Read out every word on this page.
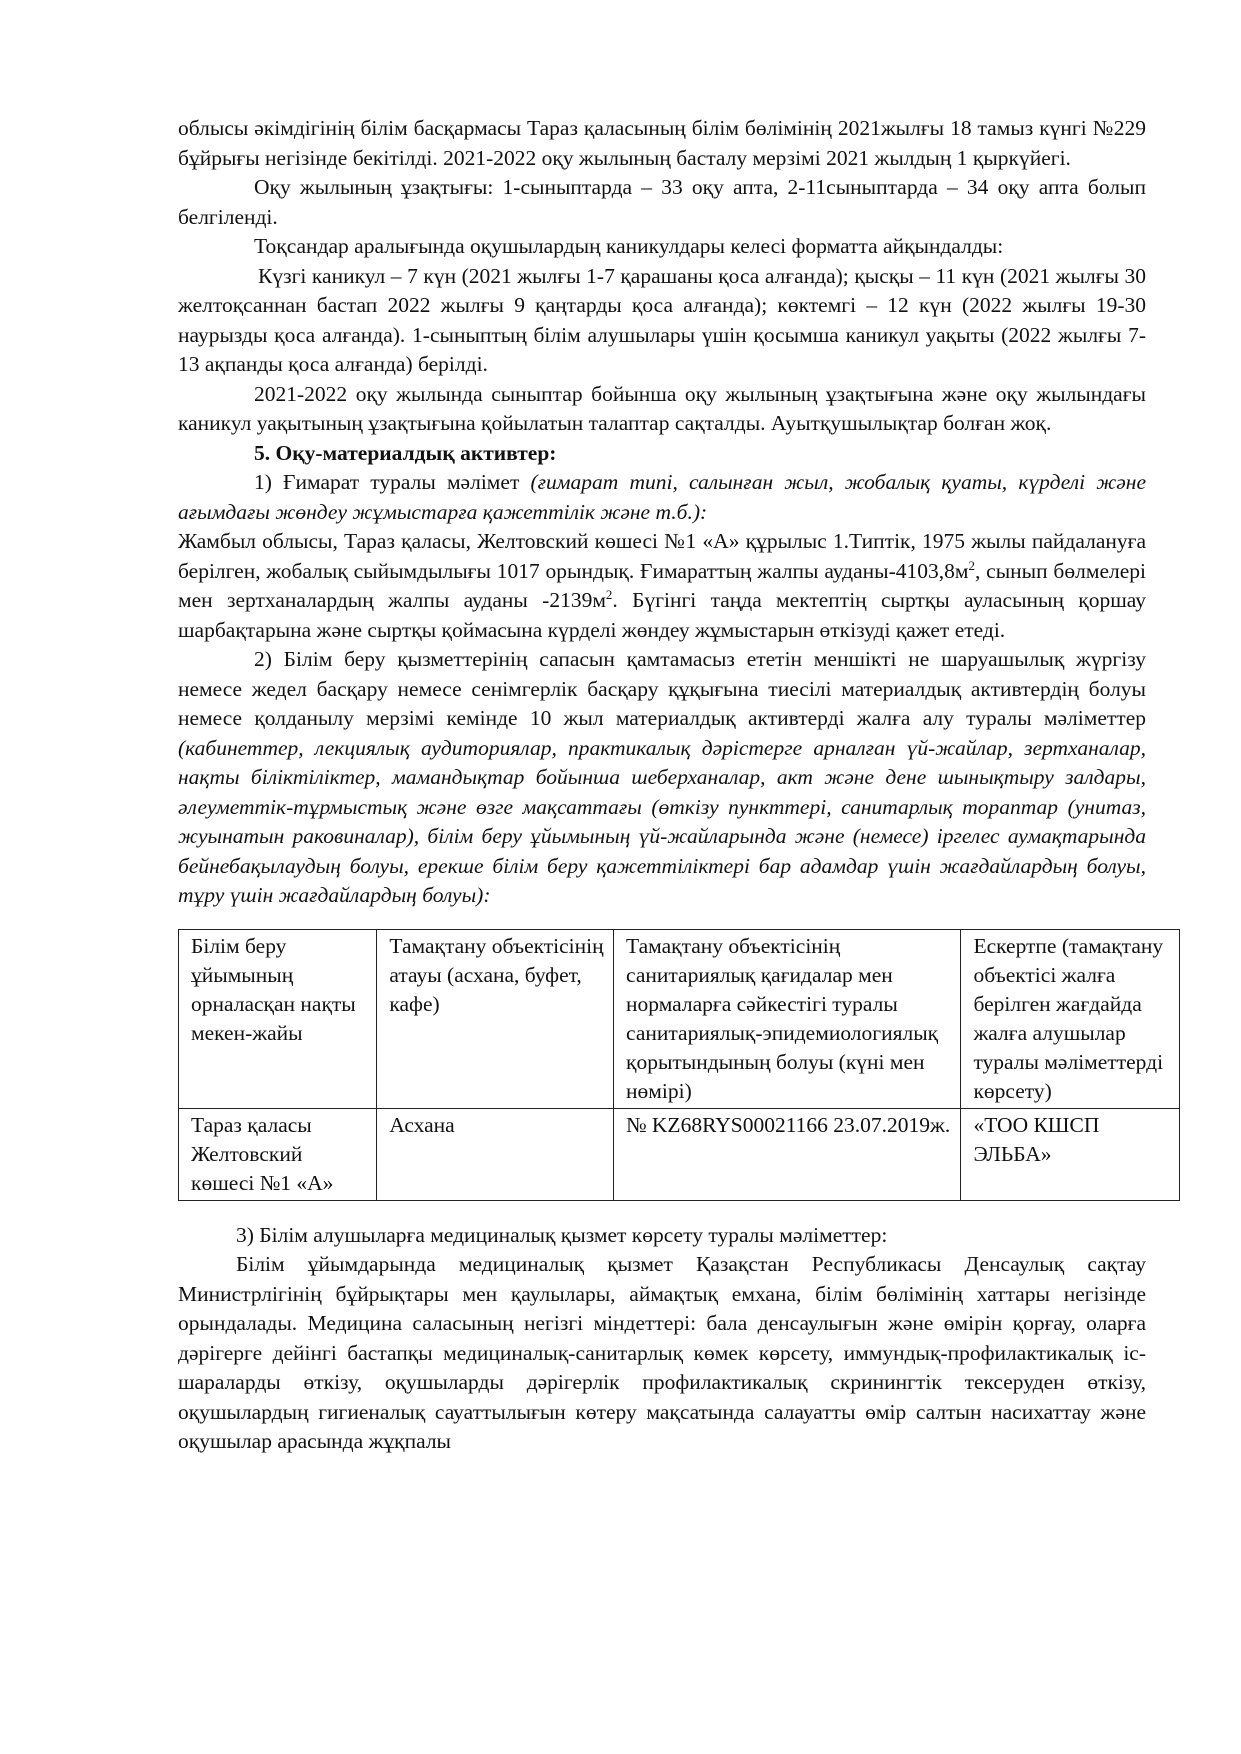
облысы әкімдігінің білім басқармасы Тараз қаласының білім бөлімінің 2021жылғы 18 тамыз күнгі №229 бұйрығы негізінде бекітілді. 2021-2022 оқу жылының басталу мерзімі 2021 жылдың 1 қыркүйегі.

Оқу жылының ұзақтығы: 1-сыныптарда – 33 оқу апта, 2-11сыныптарда – 34 оқу апта болып белгіленді.

Тоқсандар аралығында оқушылардың каникулдары келесі форматта айқындалды:

Күзгі каникул – 7 күн (2021 жылғы 1-7 қарашаны қоса алғанда); қысқы – 11 күн (2021 жылғы 30 желтоқсаннан бастап 2022 жылғы 9 қаңтарды қоса алғанда); көктемгі – 12 күн (2022 жылғы 19-30 наурызды қоса алғанда). 1-сыныптың білім алушылары үшін қосымша каникул уақыты (2022 жылғы 7-13 ақпанды қоса алғанда) берілді.

2021-2022 оқу жылында сыныптар бойынша оқу жылының ұзақтығына және оқу жылындағы каникул уақытының ұзақтығына қойылатын талаптар сақталды. Ауытқушылықтар болған жоқ.

5. Оқу-материалдық активтер:

1) Ғимарат туралы мәлімет (ғимарат типі, салынған жыл, жобалық қуаты, күрделі және ағымдағы жөндеу жұмыстарға қажеттілік және т.б.):

Жамбыл облысы, Тараз қаласы, Желтовский көшесі №1 «А» құрылыс 1.Типтік, 1975 жылы пайдалануға берілген, жобалық сыйымдылығы 1017 орындық. Ғимараттың жалпы ауданы-$4103,8м^2$, сынып бөлмелері мен зертханалардың жалпы ауданы $-2139м^2$. Бүгінгі таңда мектептің сыртқы ауласының қоршау шарбақтарына және сыртқы қоймасына күрделі жөндеу жұмыстарын өткізуді қажет етеді.

2) Білім беру қызметтерінің сапасын қамтамасыз ететін меншікті не шаруашылық жүргізу немесе жедел басқару немесе сенімгерлік басқару құқығына тиесілі материалдық активтердің болуы немесе қолданылу мерзімі кемінде 10 жыл материалдық активтерді жалға алу туралы мәліметтер (кабинеттер, лекциялық аудиториялар, практикалық дәрістерге арналған үй-жайлар, зертханалар, нақты біліктіліктер, мамандықтар бойынша шеберханалар, акт және дене шынықтыру залдары, әлеуметтік-тұрмыстық және өзге мақсаттағы (өткізу пункттері, санитарлық тораптар (унитаз, жуынатын раковиналар), білім беру ұйымының үй-жайларында және (немесе) іргелес аумақтарында бейнебақылаудың болуы, ерекше білім беру қажеттіліктері бар адамдар үшін жағдайлардың болуы, тұру үшін жағдайлардың болуы):

Білім беру ұйымының орналасқан нақты мекен-жайы	Тамақтану объектісінің атауы (асхана, буфет, кафе)	Тамақтану объектісінің санитариялық қағидалар мен нормаларға сәйкестігі туралы санитариялық-эпидемиологиялық қорытындының болуы (күні мен нөмірі)	Ескертпе (тамақтану объектісі жалға берілген жағдайда жалға алушылар туралы мәліметтерді көрсету)
Тараз қаласы Желтовский көшесі №1 «А»	Асхана	№ KZ68RYS00021166 23.07.2019ж.	«ТОО КШСП ЭЛЬБА»

3) Білім алушыларға медициналық қызмет көрсету туралы мәліметтер:

Білім ұйымдарында медициналық қызмет Қазақстан Республикасы Денсаулық сақтау Министрлігінің бұйрықтары мен қаулылары, аймақтық емхана, білім бөлімінің хаттары негізінде орындалады. Медицина саласының негізгі міндеттері: бала денсаулығын және өмірін қорғау, оларға дәрігерге дейінгі бастапқы медициналық-санитарлық көмек көрсету, иммундық-профилактикалық іс-шараларды өткізу, оқушыларды дәрігерлік профилактикалық скринингтік тексеруден өткізу, оқушылардың гигиеналық сауаттылығын көтеру мақсатында салауатты өмір салтын насихаттау және оқушылар арасында жұқпалы
